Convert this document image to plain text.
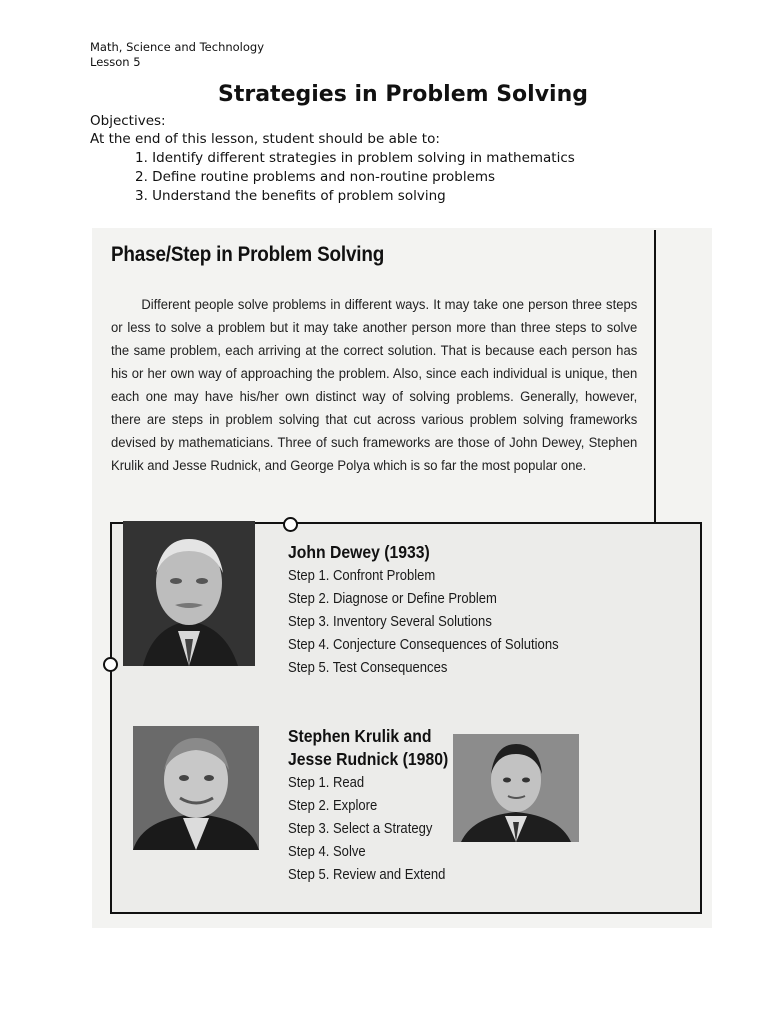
Math, Science and Technology
Lesson 5
Strategies in Problem Solving
Objectives:
At the end of this lesson, student should be able to:
1. Identify different strategies in problem solving in mathematics
2. Define routine problems and non-routine problems
3. Understand the benefits of problem solving
Phase/Step in Problem Solving
Different people solve problems in different ways. It may take one person three steps or less to solve a problem but it may take another person more than three steps to solve the same problem, each arriving at the correct solution. That is because each person has his or her own way of approaching the problem. Also, since each individual is unique, then each one may have his/her own distinct way of solving problems. Generally, however, there are steps in problem solving that cut across various problem solving frameworks devised by mathematicians. Three of such frameworks are those of John Dewey, Stephen Krulik and Jesse Rudnick, and George Polya which is so far the most popular one.
John Dewey (1933)
Step 1. Confront Problem
Step 2. Diagnose or Define Problem
Step 3. Inventory Several Solutions
Step 4. Conjecture Consequences of Solutions
Step 5. Test Consequences
Stephen Krulik and
Jesse Rudnick (1980)
Step 1. Read
Step 2. Explore
Step 3. Select a Strategy
Step 4. Solve
Step 5. Review and Extend
